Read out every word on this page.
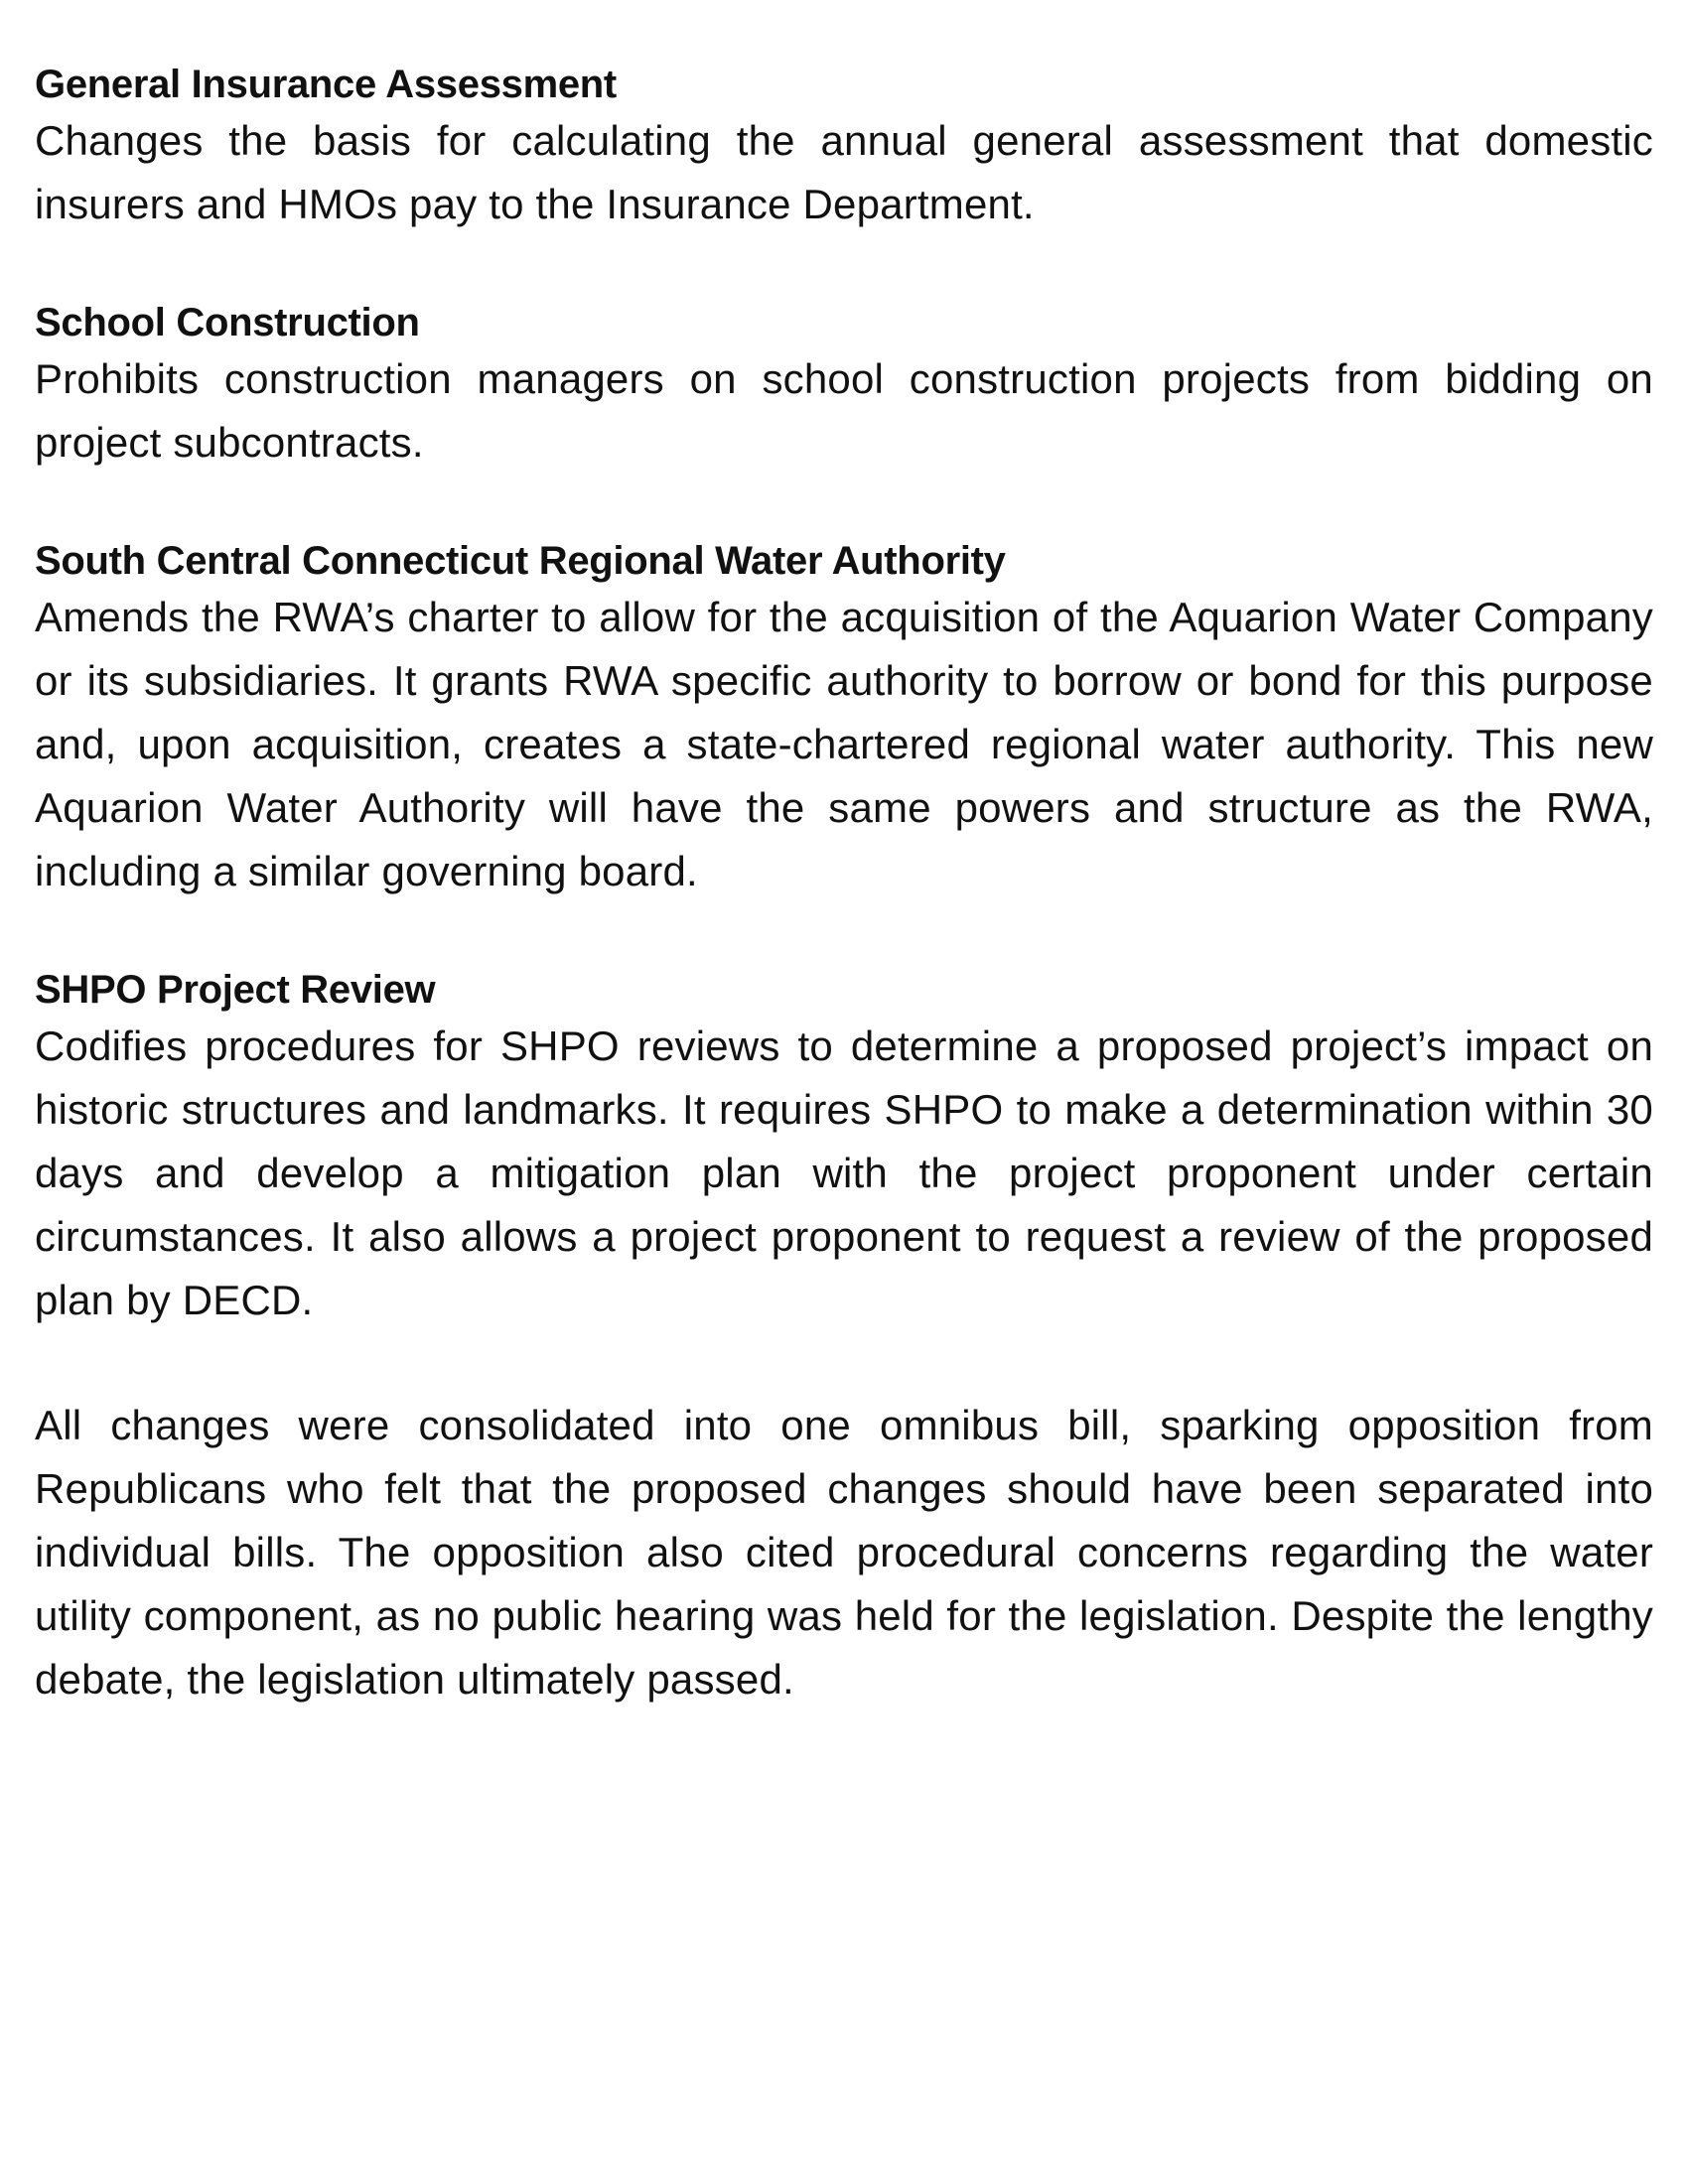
General Insurance Assessment

Changes the basis for calculating the annual general assessment that domestic insurers and HMOs pay to the Insurance Department.

School Construction

Prohibits construction managers on school construction projects from bidding on project subcontracts.

South Central Connecticut Regional Water Authority

Amends the RWA’s charter to allow for the acquisition of the Aquarion Water Company or its subsidiaries. It grants RWA specific authority to borrow or bond for this purpose and, upon acquisition, creates a state-chartered regional water authority. This new Aquarion Water Authority will have the same powers and structure as the RWA, including a similar governing board.

SHPO Project Review

Codifies procedures for SHPO reviews to determine a proposed project’s impact on historic structures and landmarks. It requires SHPO to make a determination within 30 days and develop a mitigation plan with the project proponent under certain circumstances. It also allows a project proponent to request a review of the proposed plan by DECD.

All changes were consolidated into one omnibus bill, sparking opposition from Republicans who felt that the proposed changes should have been separated into individual bills. The opposition also cited procedural concerns regarding the water utility component, as no public hearing was held for the legislation. Despite the lengthy debate, the legislation ultimately passed.
